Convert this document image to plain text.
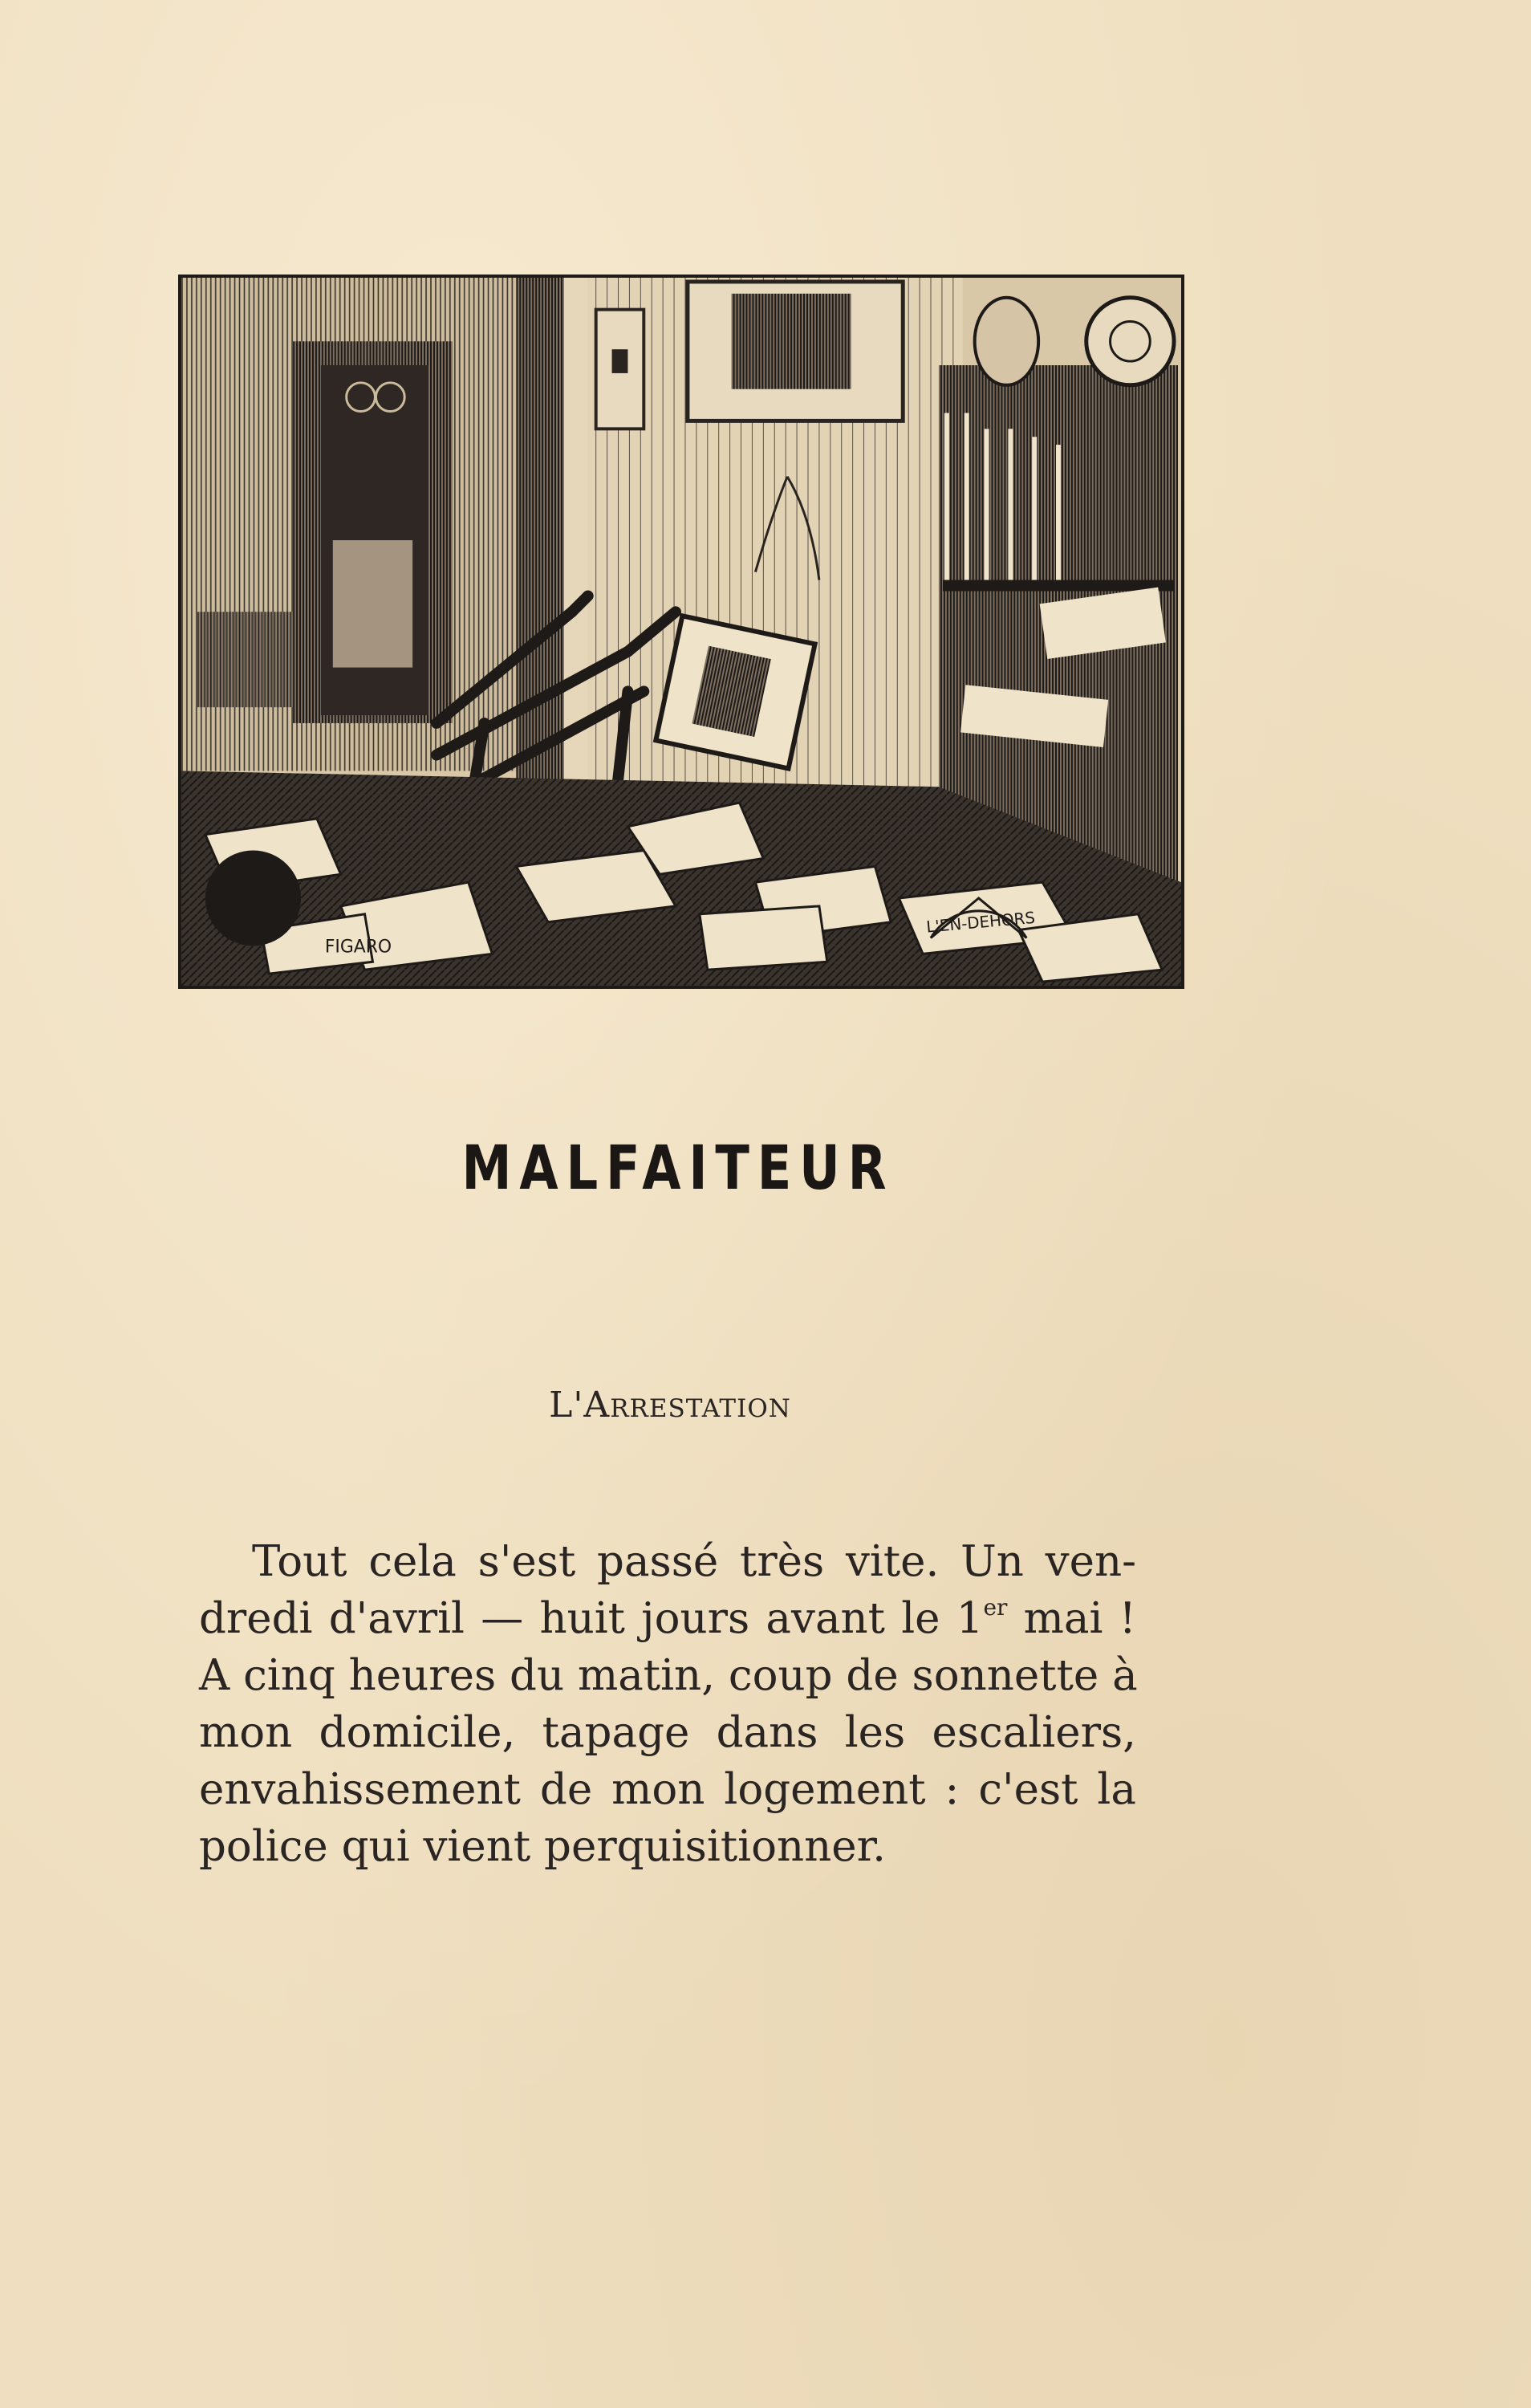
FIGARO
L'EN-DEHORS
MALFAITEUR
L'Arrestation
Tout cela s'est passé très vite. Un ven-
dredi d'avril — huit jours avant le 1er mai !
A cinq heures du matin, coup de sonnette à
mon domicile, tapage dans les escaliers,
envahissement de mon logement : c'est la
police qui vient perquisitionner.
